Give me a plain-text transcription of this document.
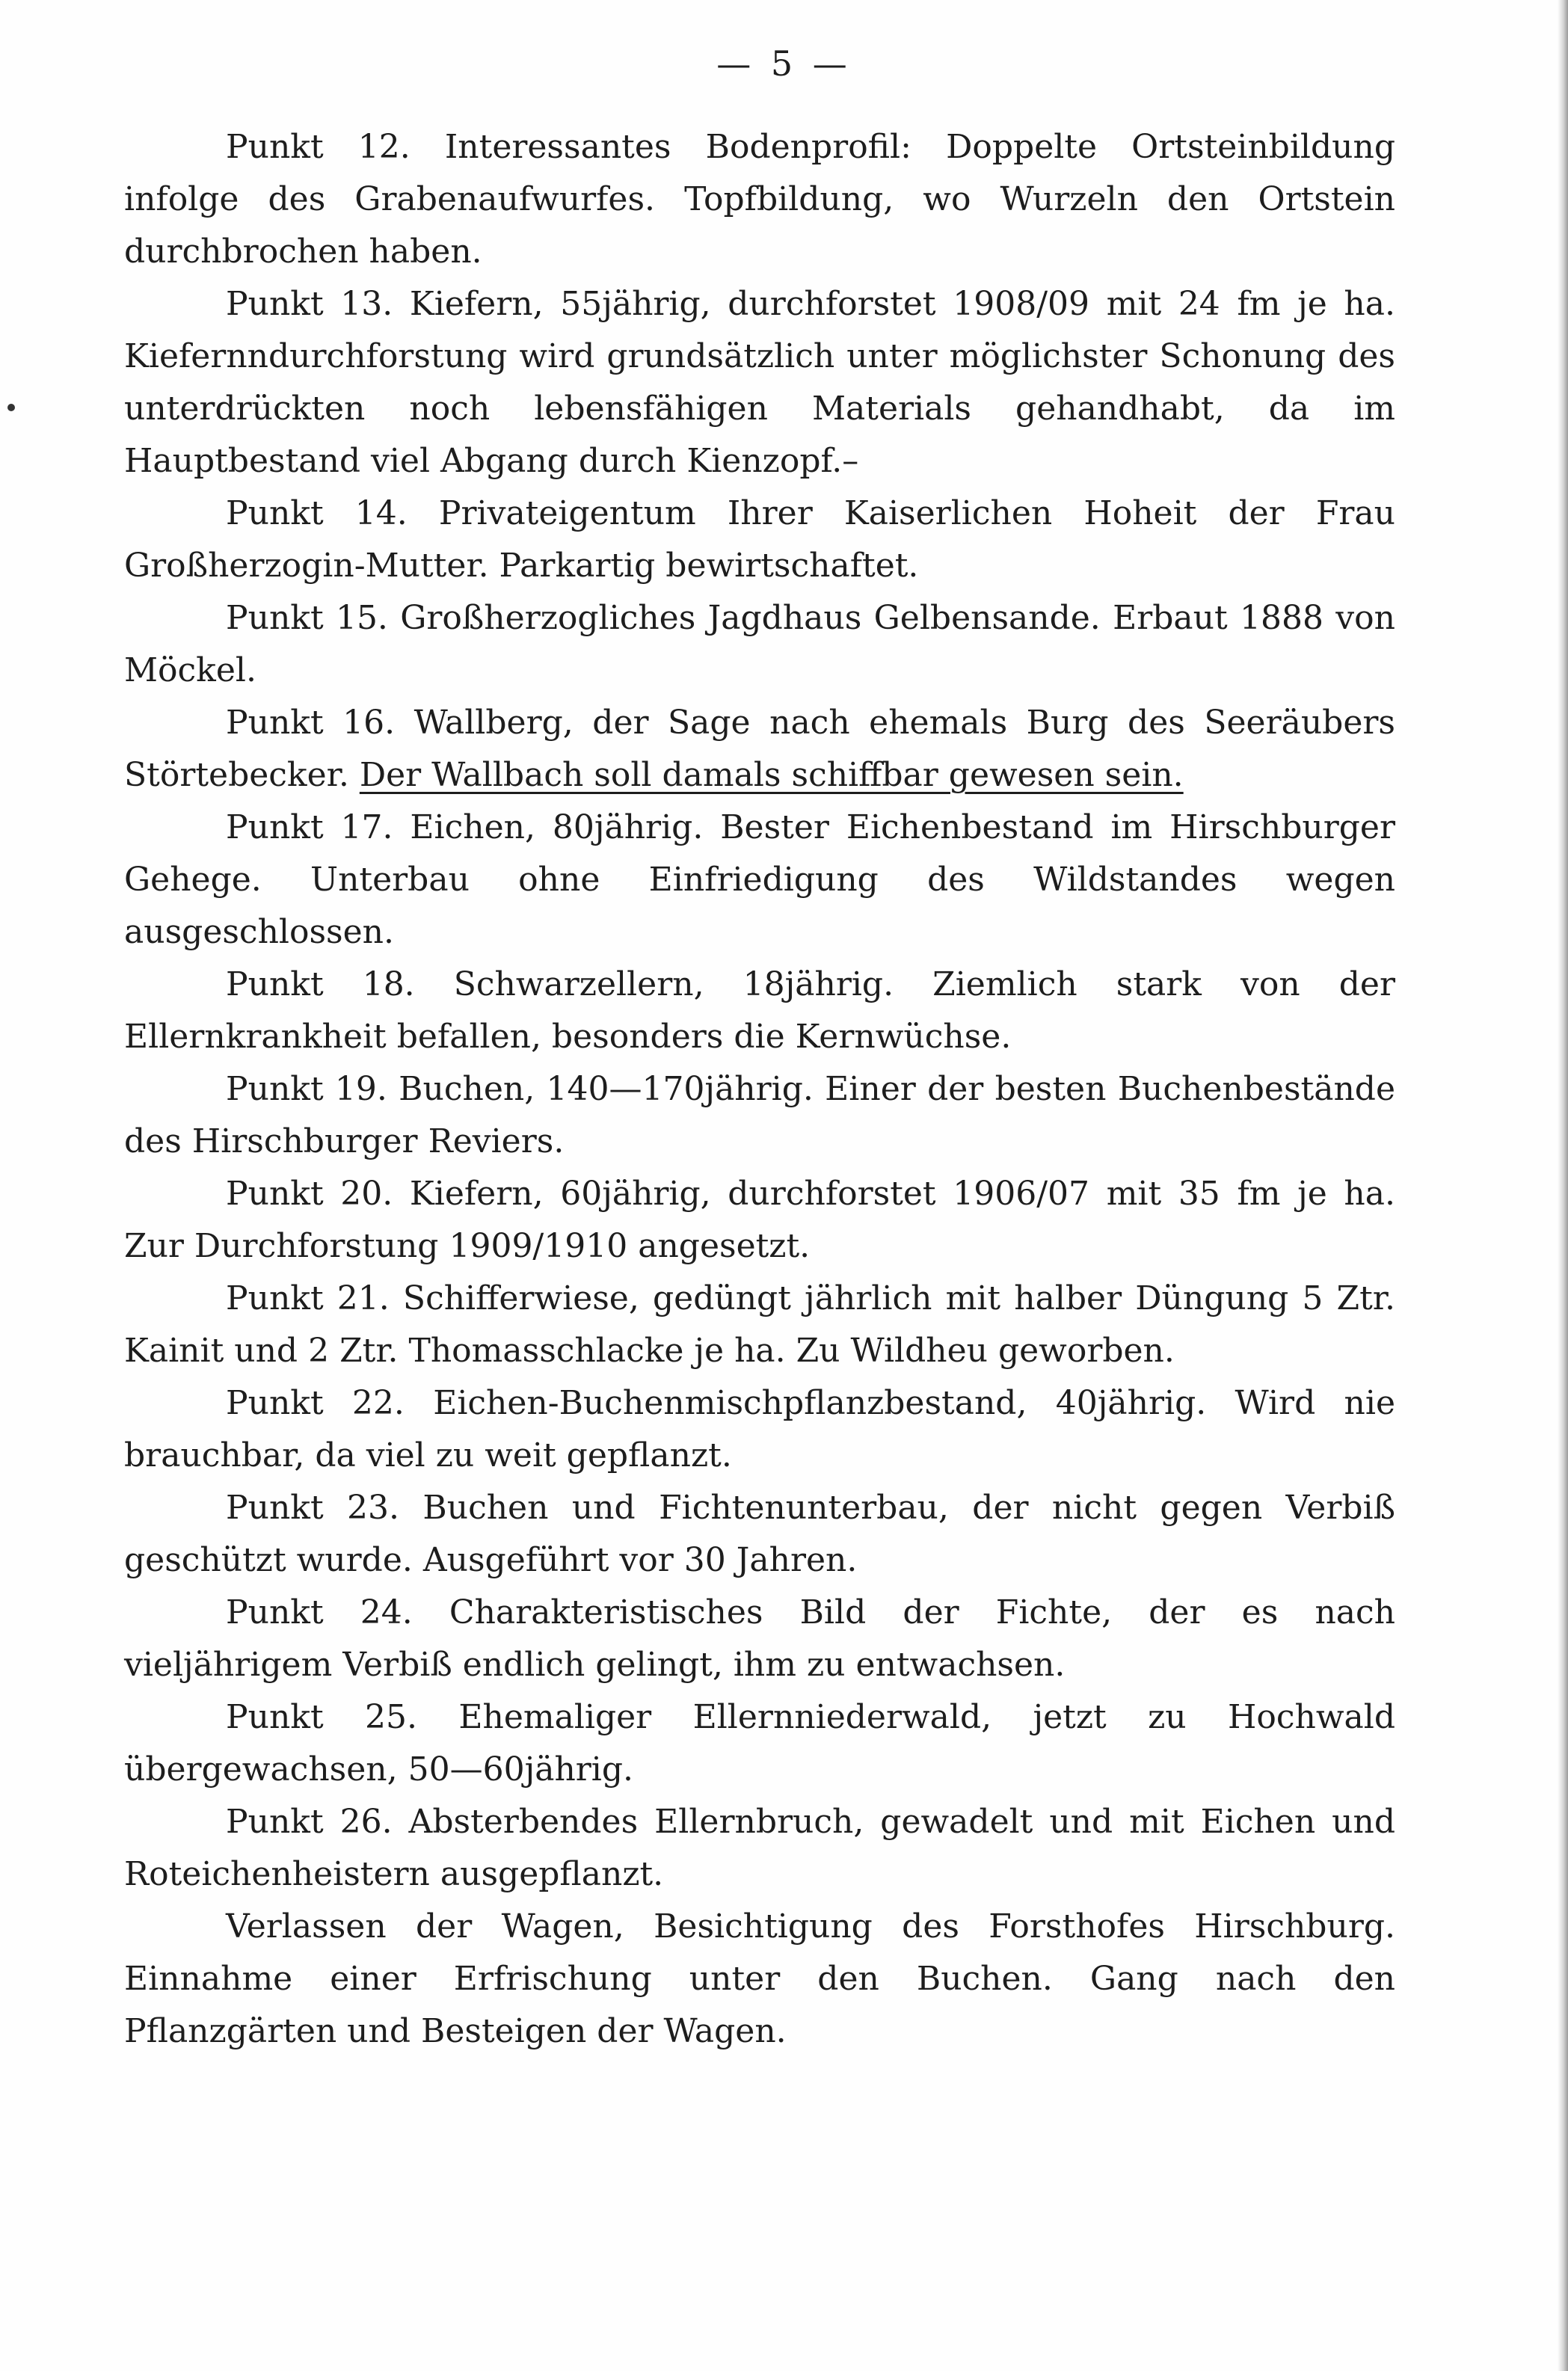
— 5 —

Punkt 12. Interessantes Bodenprofil: Doppelte Ortsteinbildung infolge des Grabenaufwurfes. Topfbildung, wo Wurzeln den Ortstein durchbrochen haben.

Punkt 13. Kiefern, 55jährig, durchforstet 1908/09 mit 24 fm je ha. Kiefernndurchforstung wird grundsätzlich unter möglichster Schonung des unterdrückten noch lebensfähigen Materials gehandhabt, da im Hauptbestand viel Abgang durch Kienzopf.–

Punkt 14. Privateigentum Ihrer Kaiserlichen Hoheit der Frau Großherzogin-Mutter. Parkartig bewirtschaftet.

Punkt 15. Großherzogliches Jagdhaus Gelbensande. Erbaut 1888 von Möckel.

Punkt 16. Wallberg, der Sage nach ehemals Burg des Seeräubers Störtebecker. Der Wallbach soll damals schiffbar gewesen sein.

Punkt 17. Eichen, 80jährig. Bester Eichenbestand im Hirschburger Gehege. Unterbau ohne Einfriedigung des Wildstandes wegen ausgeschlossen.

Punkt 18. Schwarzellern, 18jährig. Ziemlich stark von der Ellernkrankheit befallen, besonders die Kernwüchse.

Punkt 19. Buchen, 140—170jährig. Einer der besten Buchenbestände des Hirschburger Reviers.

Punkt 20. Kiefern, 60jährig, durchforstet 1906/07 mit 35 fm je ha. Zur Durchforstung 1909/1910 angesetzt.

Punkt 21. Schifferwiese, gedüngt jährlich mit halber Düngung 5 Ztr. Kainit und 2 Ztr. Thomasschlacke je ha. Zu Wildheu geworben.

Punkt 22. Eichen-Buchenmischpflanzbestand, 40jährig. Wird nie brauchbar, da viel zu weit gepflanzt.

Punkt 23. Buchen und Fichtenunterbau, der nicht gegen Verbiß geschützt wurde. Ausgeführt vor 30 Jahren.

Punkt 24. Charakteristisches Bild der Fichte, der es nach vieljährigem Verbiß endlich gelingt, ihm zu entwachsen.

Punkt 25. Ehemaliger Ellernniederwald, jetzt zu Hochwald übergewachsen, 50—60jährig.

Punkt 26. Absterbendes Ellernbruch, gewadelt und mit Eichen und Roteichenheistern ausgepflanzt.

Verlassen der Wagen, Besichtigung des Forsthofes Hirschburg. Einnahme einer Erfrischung unter den Buchen. Gang nach den Pflanzgärten und Besteigen der Wagen.
